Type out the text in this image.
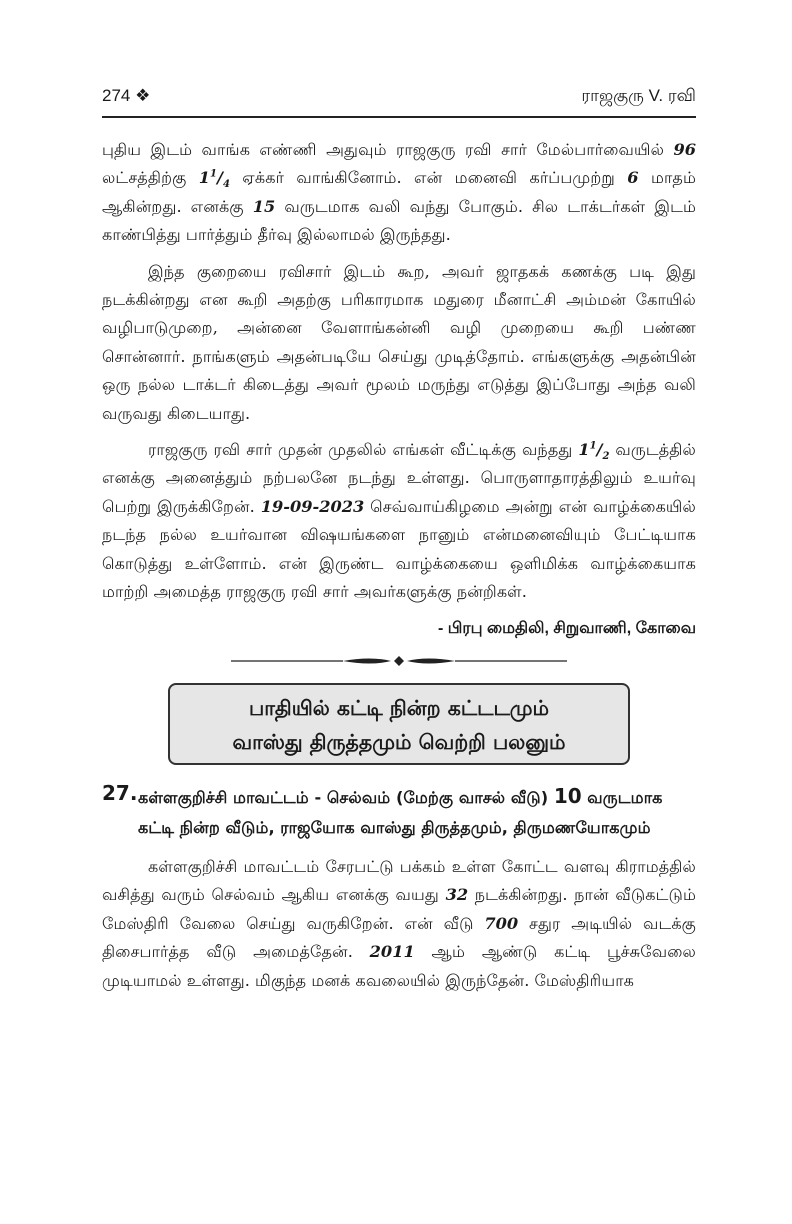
274 ❖	ராஜகுரு V. ரவி

புதிய இடம் வாங்க எண்ணி அதுவும் ராஜகுரு ரவி சார் மேல்பார்வையில் 96 லட்சத்திற்கு $1^1/_4$ ஏக்கர் வாங்கினோம். என் மனைவி கர்ப்பமுற்று 6 மாதம் ஆகின்றது. எனக்கு 15 வருடமாக வலி வந்து போகும். சில டாக்டர்கள் இடம் காண்பித்து பார்த்தும் தீர்வு இல்லாமல் இருந்தது.

இந்த குறையை ரவிசார் இடம் கூற, அவர் ஜாதகக் கணக்கு படி இது நடக்கின்றது என கூறி அதற்கு பரிகாரமாக மதுரை மீனாட்சி அம்மன் கோயில் வழிபாடுமுறை, அன்னை வேளாங்கன்னி வழி முறையை கூறி பண்ண சொன்னார். நாங்களும் அதன்படியே செய்து முடித்தோம். எங்களுக்கு அதன்பின் ஒரு நல்ல டாக்டர் கிடைத்து அவர் மூலம் மருந்து எடுத்து இப்போது அந்த வலி வருவது கிடையாது.

ராஜகுரு ரவி சார் முதன் முதலில் எங்கள் வீட்டிக்கு வந்தது $1^1/_2$ வருடத்தில் எனக்கு அனைத்தும் நற்பலனே நடந்து உள்ளது. பொருளாதாரத்திலும் உயர்வு பெற்று இருக்கிறேன். 19-09-2023 செவ்வாய்கிழமை அன்று என் வாழ்க்கையில் நடந்த நல்ல உயர்வான விஷயங்களை நானும் என்மனைவியும் பேட்டியாக கொடுத்து உள்ளோம். என் இருண்ட வாழ்க்கையை ஒளிமிக்க வாழ்க்கையாக மாற்றி அமைத்த ராஜகுரு ரவி சார் அவர்களுக்கு நன்றிகள்.

- பிரபு மைதிலி, சிறுவாணி, கோவை
பாதியில் கட்டி நின்ற கட்டடமும்
வாஸ்து திருத்தமும் வெற்றி பலனும்
27. கள்ளகுறிச்சி மாவட்டம் - செல்வம் (மேற்கு வாசல் வீடு) 10 வருடமாக கட்டி நின்ற வீடும், ராஜயோக வாஸ்து திருத்தமும், திருமணயோகமும்

கள்ளகுறிச்சி மாவட்டம் சேரபட்டு பக்கம் உள்ள கோட்ட வளவு கிராமத்தில் வசித்து வரும் செல்வம் ஆகிய எனக்கு வயது 32 நடக்கின்றது. நான் வீடுகட்டும் மேஸ்திரி வேலை செய்து வருகிறேன். என் வீடு 700 சதுர அடியில் வடக்கு திசைபார்த்த வீடு அமைத்தேன். 2011 ஆம் ஆண்டு கட்டி பூச்சுவேலை முடியாமல் உள்ளது. மிகுந்த மனக் கவலையில் இருந்தேன். மேஸ்திரியாக
